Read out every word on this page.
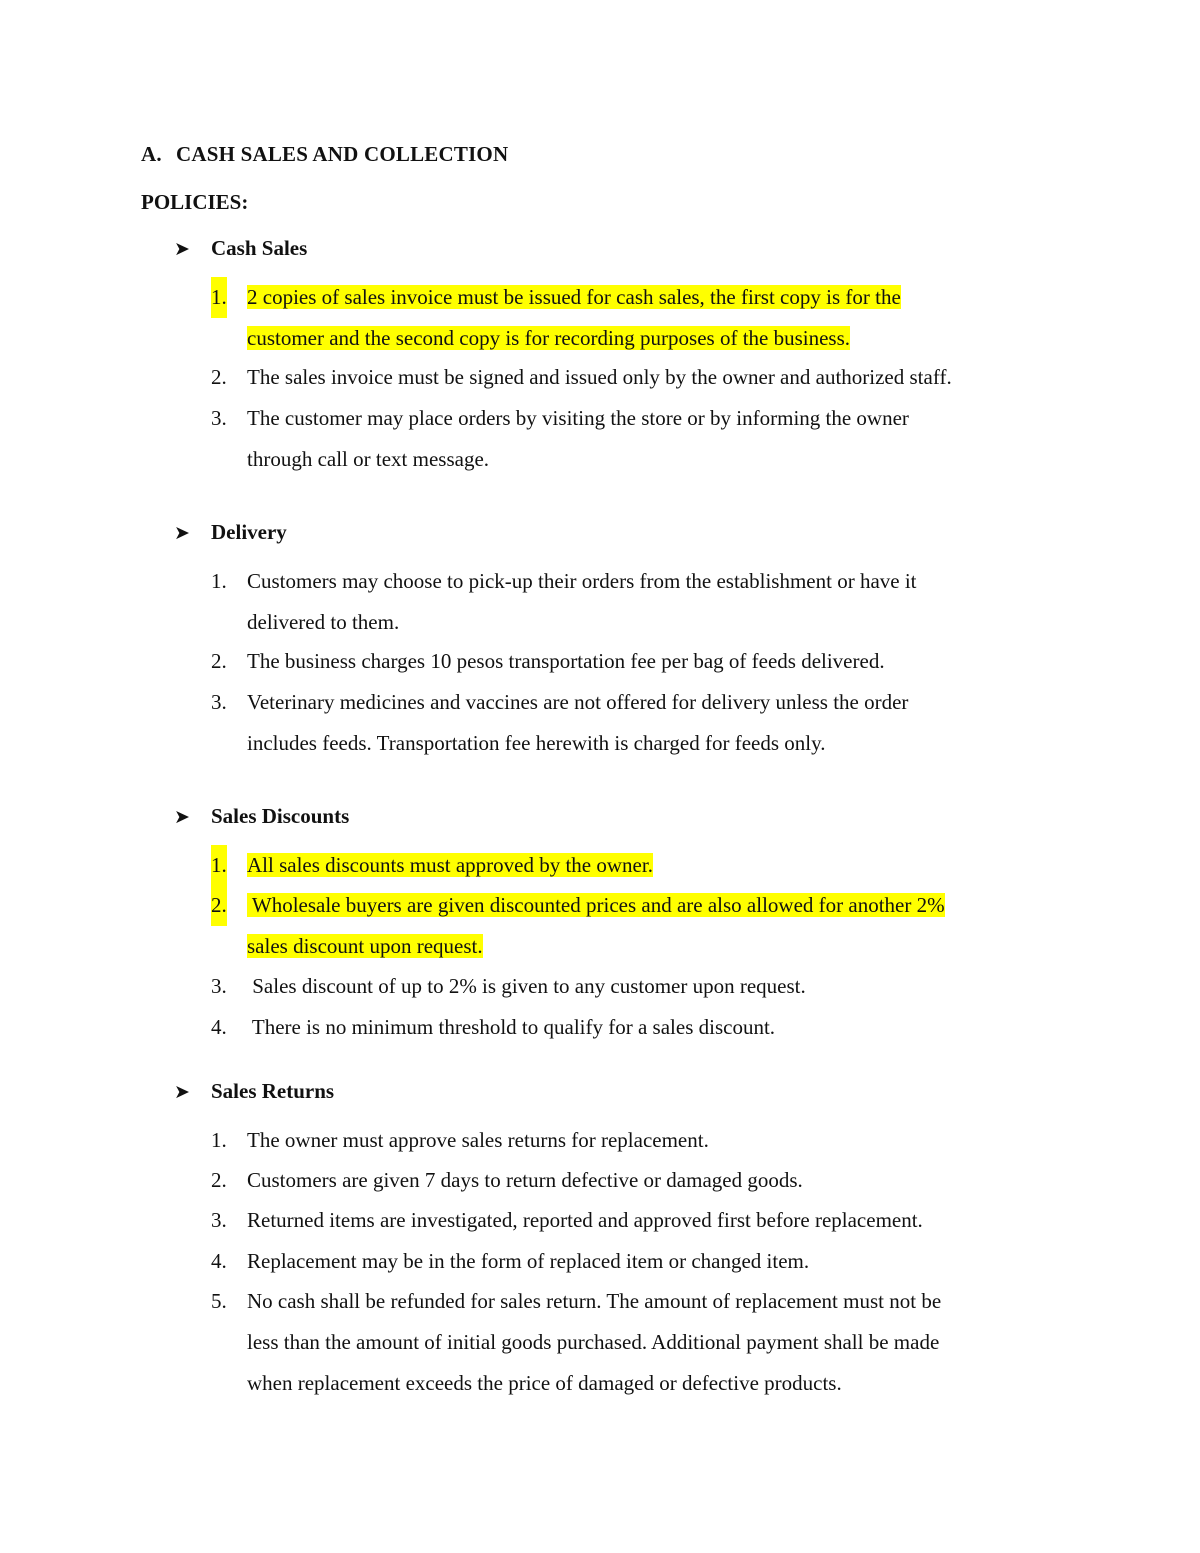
A. CASH SALES AND COLLECTION
POLICIES:
➤ Cash Sales
1. 2 copies of sales invoice must be issued for cash sales, the first copy is for the
customer and the second copy is for recording purposes of the business.
2. The sales invoice must be signed and issued only by the owner and authorized staff.
3. The customer may place orders by visiting the store or by informing the owner
through call or text message.
➤ Delivery
1. Customers may choose to pick-up their orders from the establishment or have it
delivered to them.
2. The business charges 10 pesos transportation fee per bag of feeds delivered.
3. Veterinary medicines and vaccines are not offered for delivery unless the order
includes feeds. Transportation fee herewith is charged for feeds only.
➤ Sales Discounts
1. All sales discounts must approved by the owner.
2. Wholesale buyers are given discounted prices and are also allowed for another 2%
sales discount upon request.
3. Sales discount of up to 2% is given to any customer upon request.
4. There is no minimum threshold to qualify for a sales discount.
➤ Sales Returns
1. The owner must approve sales returns for replacement.
2. Customers are given 7 days to return defective or damaged goods.
3. Returned items are investigated, reported and approved first before replacement.
4. Replacement may be in the form of replaced item or changed item.
5. No cash shall be refunded for sales return. The amount of replacement must not be
less than the amount of initial goods purchased. Additional payment shall be made
when replacement exceeds the price of damaged or defective products.
